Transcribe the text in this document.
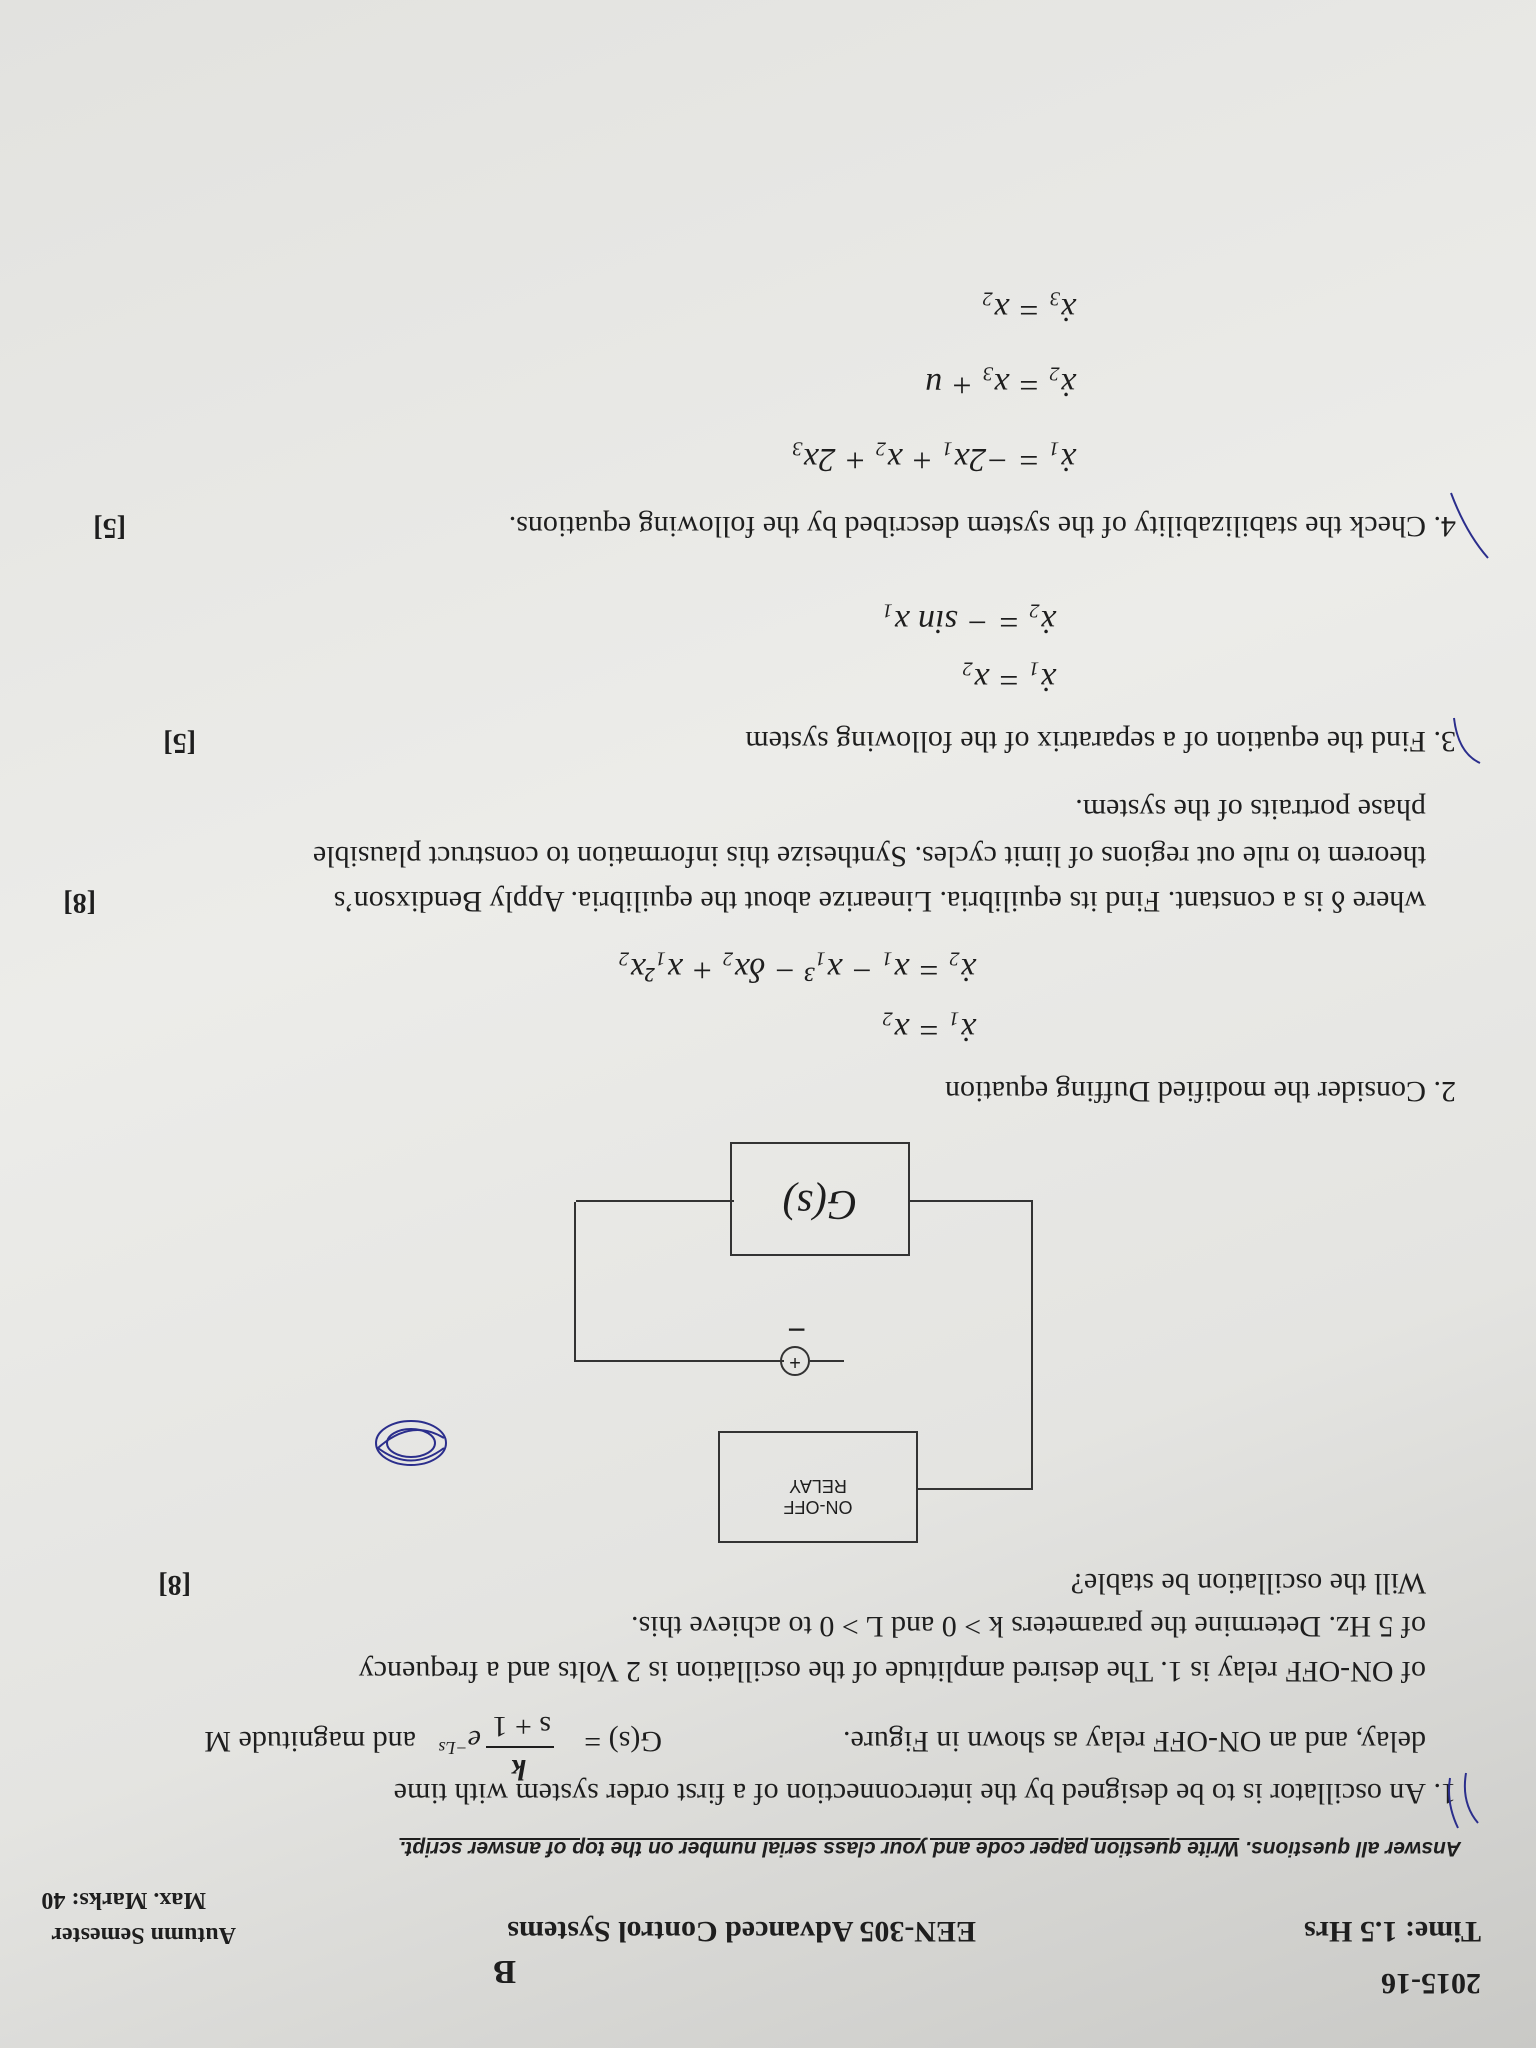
2015-16
B
EEN-305 Advanced Control Systems	Time: 1.5 Hrs
Autumn Semester
Max. Marks: 40
Answer all questions. Write question paper code and your class serial number on the top of answer script.
1.
An oscillator is to be designed by the interconnection of a first order system with time
delay, and an ON-OFF relay as shown in Figure.
G(s) =
k
s + 1
$e^{-Ls}$
and magnitude M
of ON-OFF relay is 1. The desired amplitude of the oscillation is 2 Volts and a frequency
of 5 Hz. Determine the parameters k > 0 and L > 0 to achieve this.
Will the oscillation be stable?
[8]
ON-OFF
RELAY
G(s)
+
−
2.
Consider the modified Duffing equation
ẋ₁ = x₂
ẋ₂ = x₁ − x₁³ − δx₂ + x₁²x₂
where δ is a constant. Find its equilibria. Linearize about the equilibria. Apply Bendixson’s
[8]
theorem to rule out regions of limit cycles. Synthesize this information to construct plausible
phase portraits of the system.
3.
Find the equation of a separatrix of the following system
[5]
ẋ₁ = x₂
ẋ₂ = − sin x₁
4.
Check the stabilizability of the system described by the following equations.
[5]
ẋ₁ = −2x₁ + x₂ + 2x₃
ẋ₂ = x₃ + u
ẋ₃ = x₂
